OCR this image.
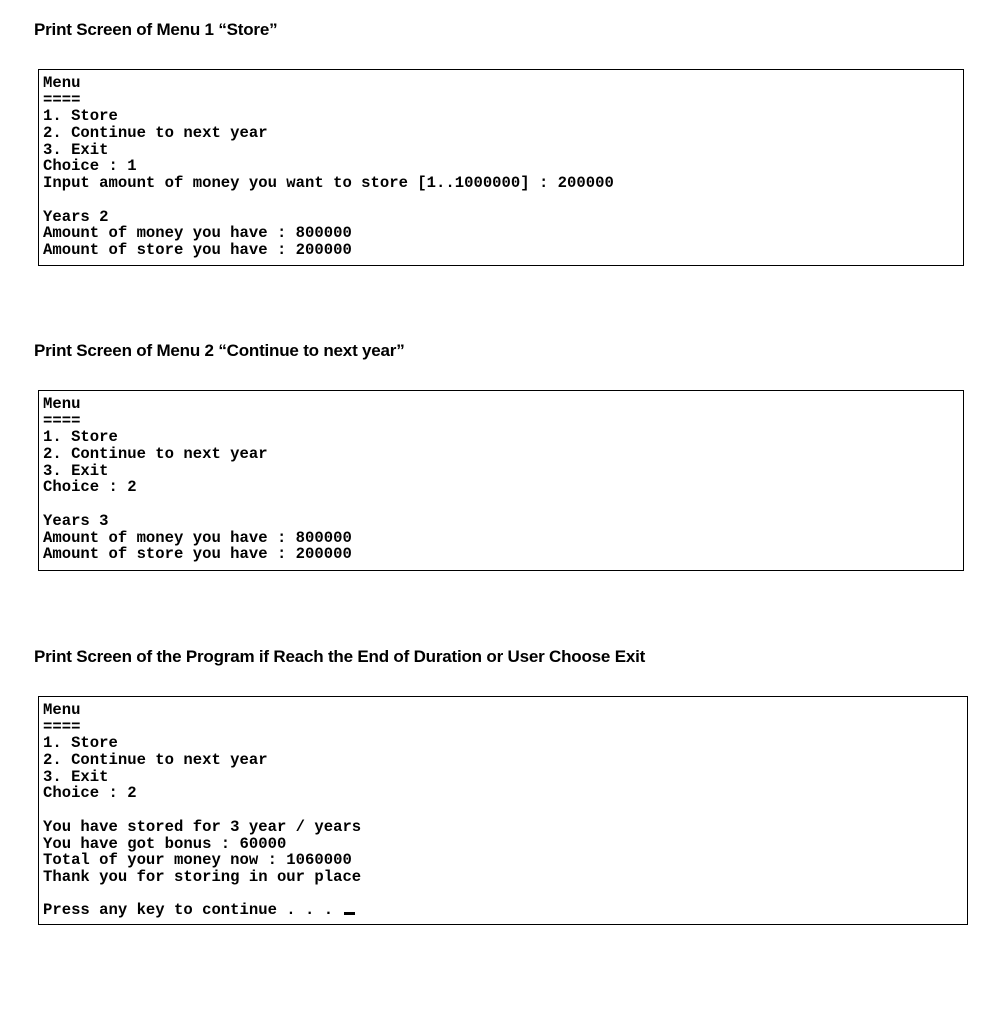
Print Screen of Menu 1 “Store”

Menu
====
1. Store
2. Continue to next year
3. Exit
Choice : 1
Input amount of money you want to store [1..1000000] : 200000
Years 2
Amount of money you have : 800000
Amount of store you have : 200000

Print Screen of Menu 2 “Continue to next year”

Menu
====
1. Store
2. Continue to next year
3. Exit
Choice : 2
Years 3
Amount of money you have : 800000
Amount of store you have : 200000

Print Screen of the Program if Reach the End of Duration or User Choose Exit

Menu
====
1. Store
2. Continue to next year
3. Exit
Choice : 2
You have stored for 3 year / years
You have got bonus : 60000
Total of your money now : 1060000
Thank you for storing in our place
Press any key to continue . . .
